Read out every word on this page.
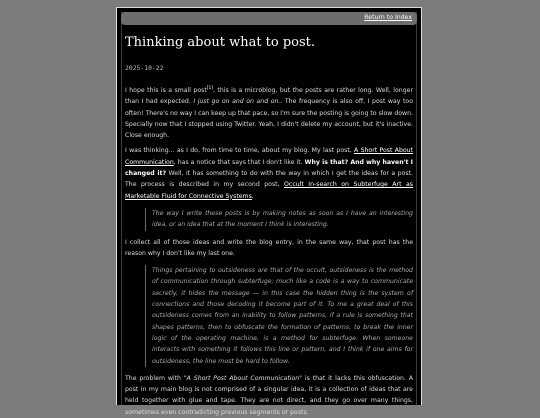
Return to Index
Thinking about what to post.
2025-10-22

I hope this is a small post[1], this is a microblog, but the posts are rather long. Well, longer than I had expected. I just go on and on and on.. The frequency is also off, I post way too often! There's no way I can keep up that pace, so I'm sure the posting is going to slow down. Specially now that I stopped using Twitter. Yeah, I didn't delete my account, but it's inactive. Close enough.

I was thinking... as I do, from time to time, about my blog. My last post, A Short Post About Communication, has a notice that says that I don't like it. Why is that? And why haven't I changed it? Well, it has something to do with the way in which I get the ideas for a post. The process is described in my second post, Occult In-search on Subterfuge Art as Marketable Fluid for Connective Systems.

The way I write these posts is by making notes as soon as I have an interesting idea, or an idea that at the moment I think is interesting.

I collect all of those ideas and write the blog entry, in the same way, that post has the reason why I don't like my last one.

Things pertaining to outsideness are that of the occult, outsideness is the method of communication through subterfuge; much like a code is a way to communicate secretly, it hides the message — in this case the hidden thing is the system of connections and those decoding it become part of it. To me a great deal of this outsideness comes from an inability to follow patterns, if a rule is something that shapes patterns, then to obfuscate the formation of patterns, to break the inner logic of the operating machine, is a method for subterfuge. When someone interacts with something it follows this line or pattern, and I think if one aims for outsideness, the line must be hard to follow.

The problem with "A Short Post About Communication" is that it lacks this obfuscation. A post in my main blog is not comprised of a singular idea, it is a collection of ideas that are held together with glue and tape. They are not direct, and they go over many things, sometimes even contradicting previous segments or posts.
